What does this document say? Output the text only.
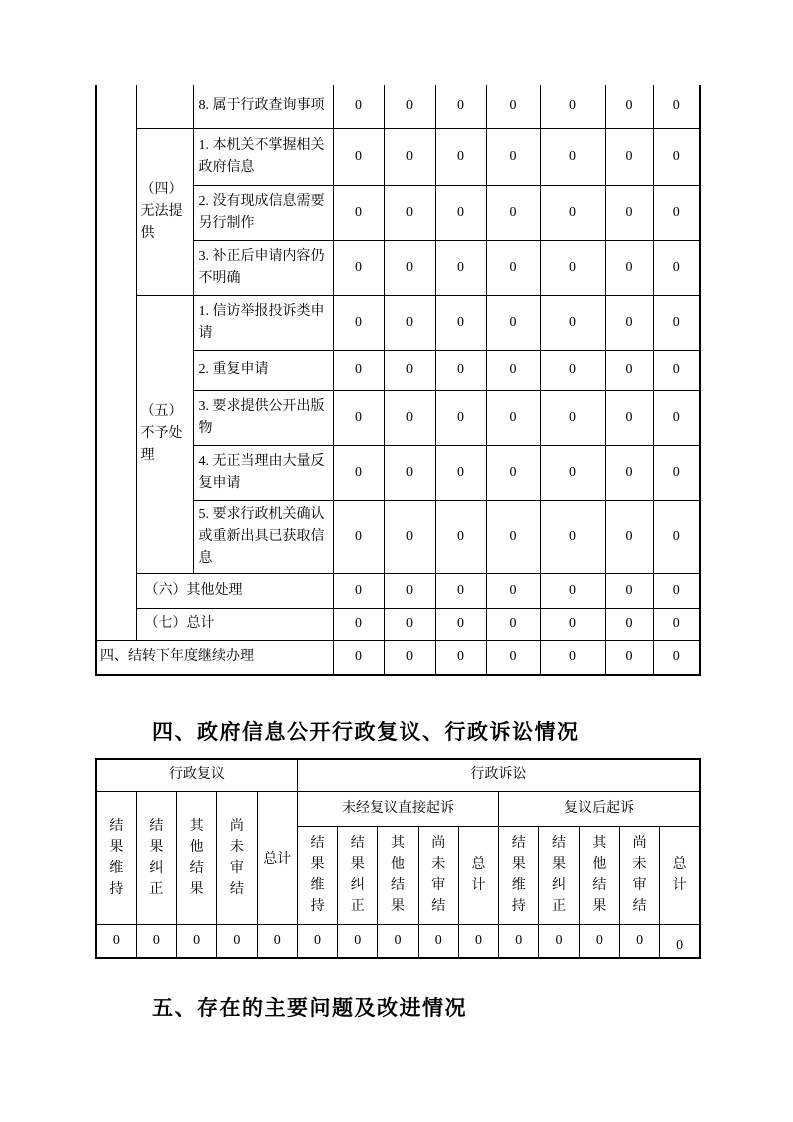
		8. 属于行政查询事项	0	0	0	0	0	0	0
	（四）无法提供	1. 本机关不掌握相关政府信息	0	0	0	0	0	0	0
		2. 没有现成信息需要另行制作	0	0	0	0	0	0	0
		3. 补正后申请内容仍不明确	0	0	0	0	0	0	0
	（五）不予处理	1. 信访举报投诉类申请	0	0	0	0	0	0	0
		2. 重复申请	0	0	0	0	0	0	0
		3. 要求提供公开出版物	0	0	0	0	0	0	0
		4. 无正当理由大量反复申请	0	0	0	0	0	0	0
		5. 要求行政机关确认或重新出具已获取信息	0	0	0	0	0	0	0
	（六）其他处理		0	0	0	0	0	0	0
	（七）总计		0	0	0	0	0	0	0
四、结转下年度继续办理			0	0	0	0	0	0	0
四、政府信息公开行政复议、行政诉讼情况
行政复议					行政诉讼									
结果维持	结果纠正	其他结果	尚未审结	总计	未经复议直接起诉					复议后起诉				
					结果维持	结果纠正	其他结果	尚未审结	总计	结果维持	结果纠正	其他结果	尚未审结	总计
0	0	0	0	0	0	0	0	0	0	0	0	0	0	0
五、存在的主要问题及改进情况
